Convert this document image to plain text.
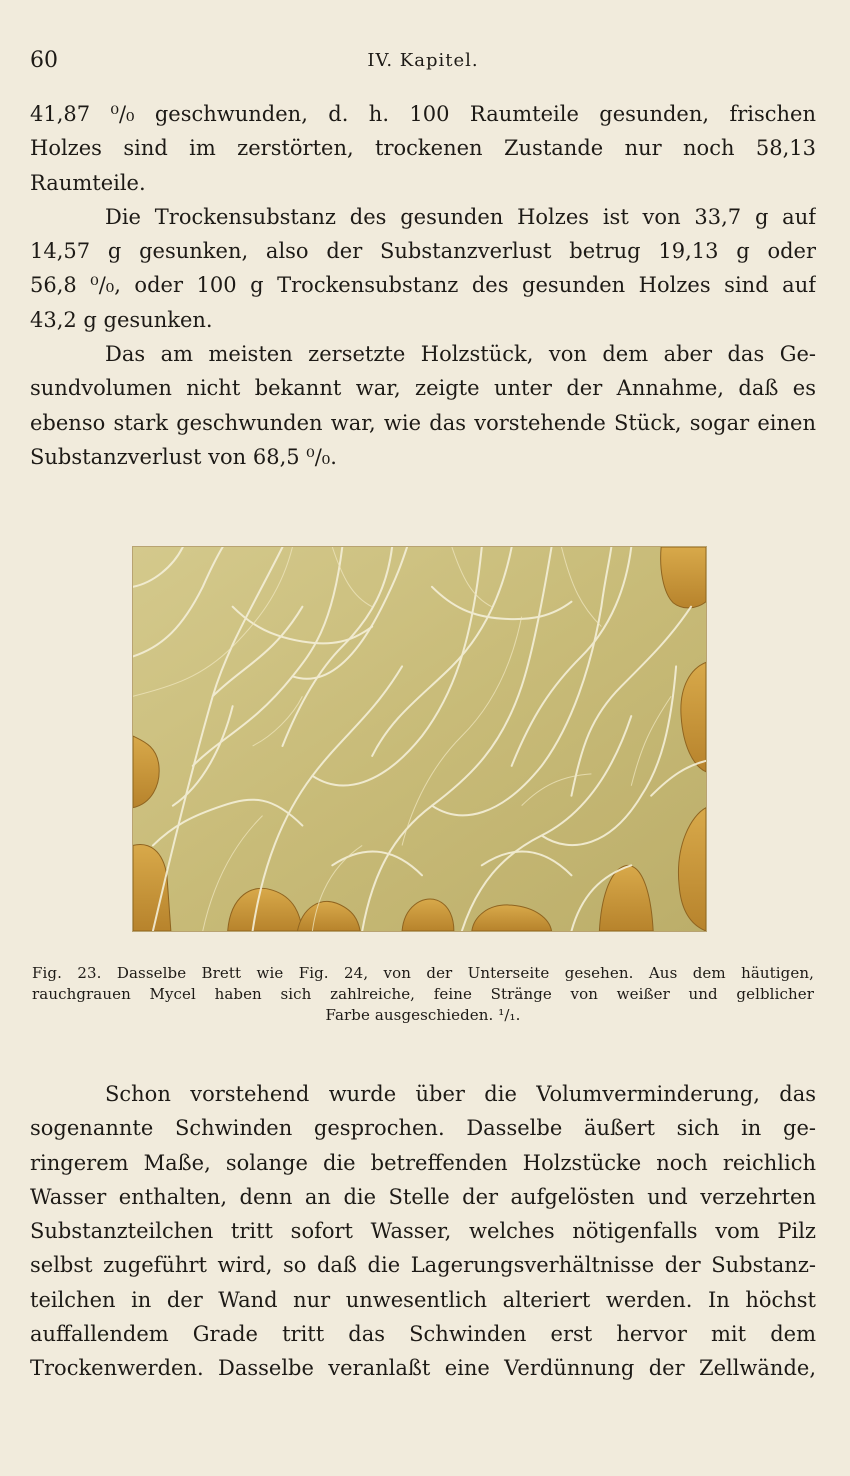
60	IV. Kapitel.
41,87 ⁰/₀ geschwunden, d. h. 100 Raumteile gesunden, frischen
Holzes sind im zerstörten, trockenen Zustande nur noch 58,13
Raumteile.
Die Trockensubstanz des gesunden Holzes ist von 33,7 g auf
14,57 g gesunken, also der Substanzverlust betrug 19,13 g oder
56,8 ⁰/₀, oder 100 g Trockensubstanz des gesunden Holzes sind auf
43,2 g gesunken.
Das am meisten zersetzte Holzstück, von dem aber das Ge-
sundvolumen nicht bekannt war, zeigte unter der Annahme, daß es
ebenso stark geschwunden war, wie das vorstehende Stück, sogar einen
Substanzverlust von 68,5 ⁰/₀.
Fig. 23. Dasselbe Brett wie Fig. 24, von der Unterseite gesehen. Aus dem häutigen,
rauchgrauen Mycel haben sich zahlreiche, feine Stränge von weißer und gelblicher
Farbe ausgeschieden. ¹/₁.
Schon vorstehend wurde über die Volumverminderung, das
sogenannte Schwinden gesprochen. Dasselbe äußert sich in ge-
ringerem Maße, solange die betreffenden Holzstücke noch reichlich
Wasser enthalten, denn an die Stelle der aufgelösten und verzehrten
Substanzteilchen tritt sofort Wasser, welches nötigenfalls vom Pilz
selbst zugeführt wird, so daß die Lagerungsverhältnisse der Substanz-
teilchen in der Wand nur unwesentlich alteriert werden. In höchst
auffallendem Grade tritt das Schwinden erst hervor mit dem
Trockenwerden. Dasselbe veranlaßt eine Verdünnung der Zellwände,
